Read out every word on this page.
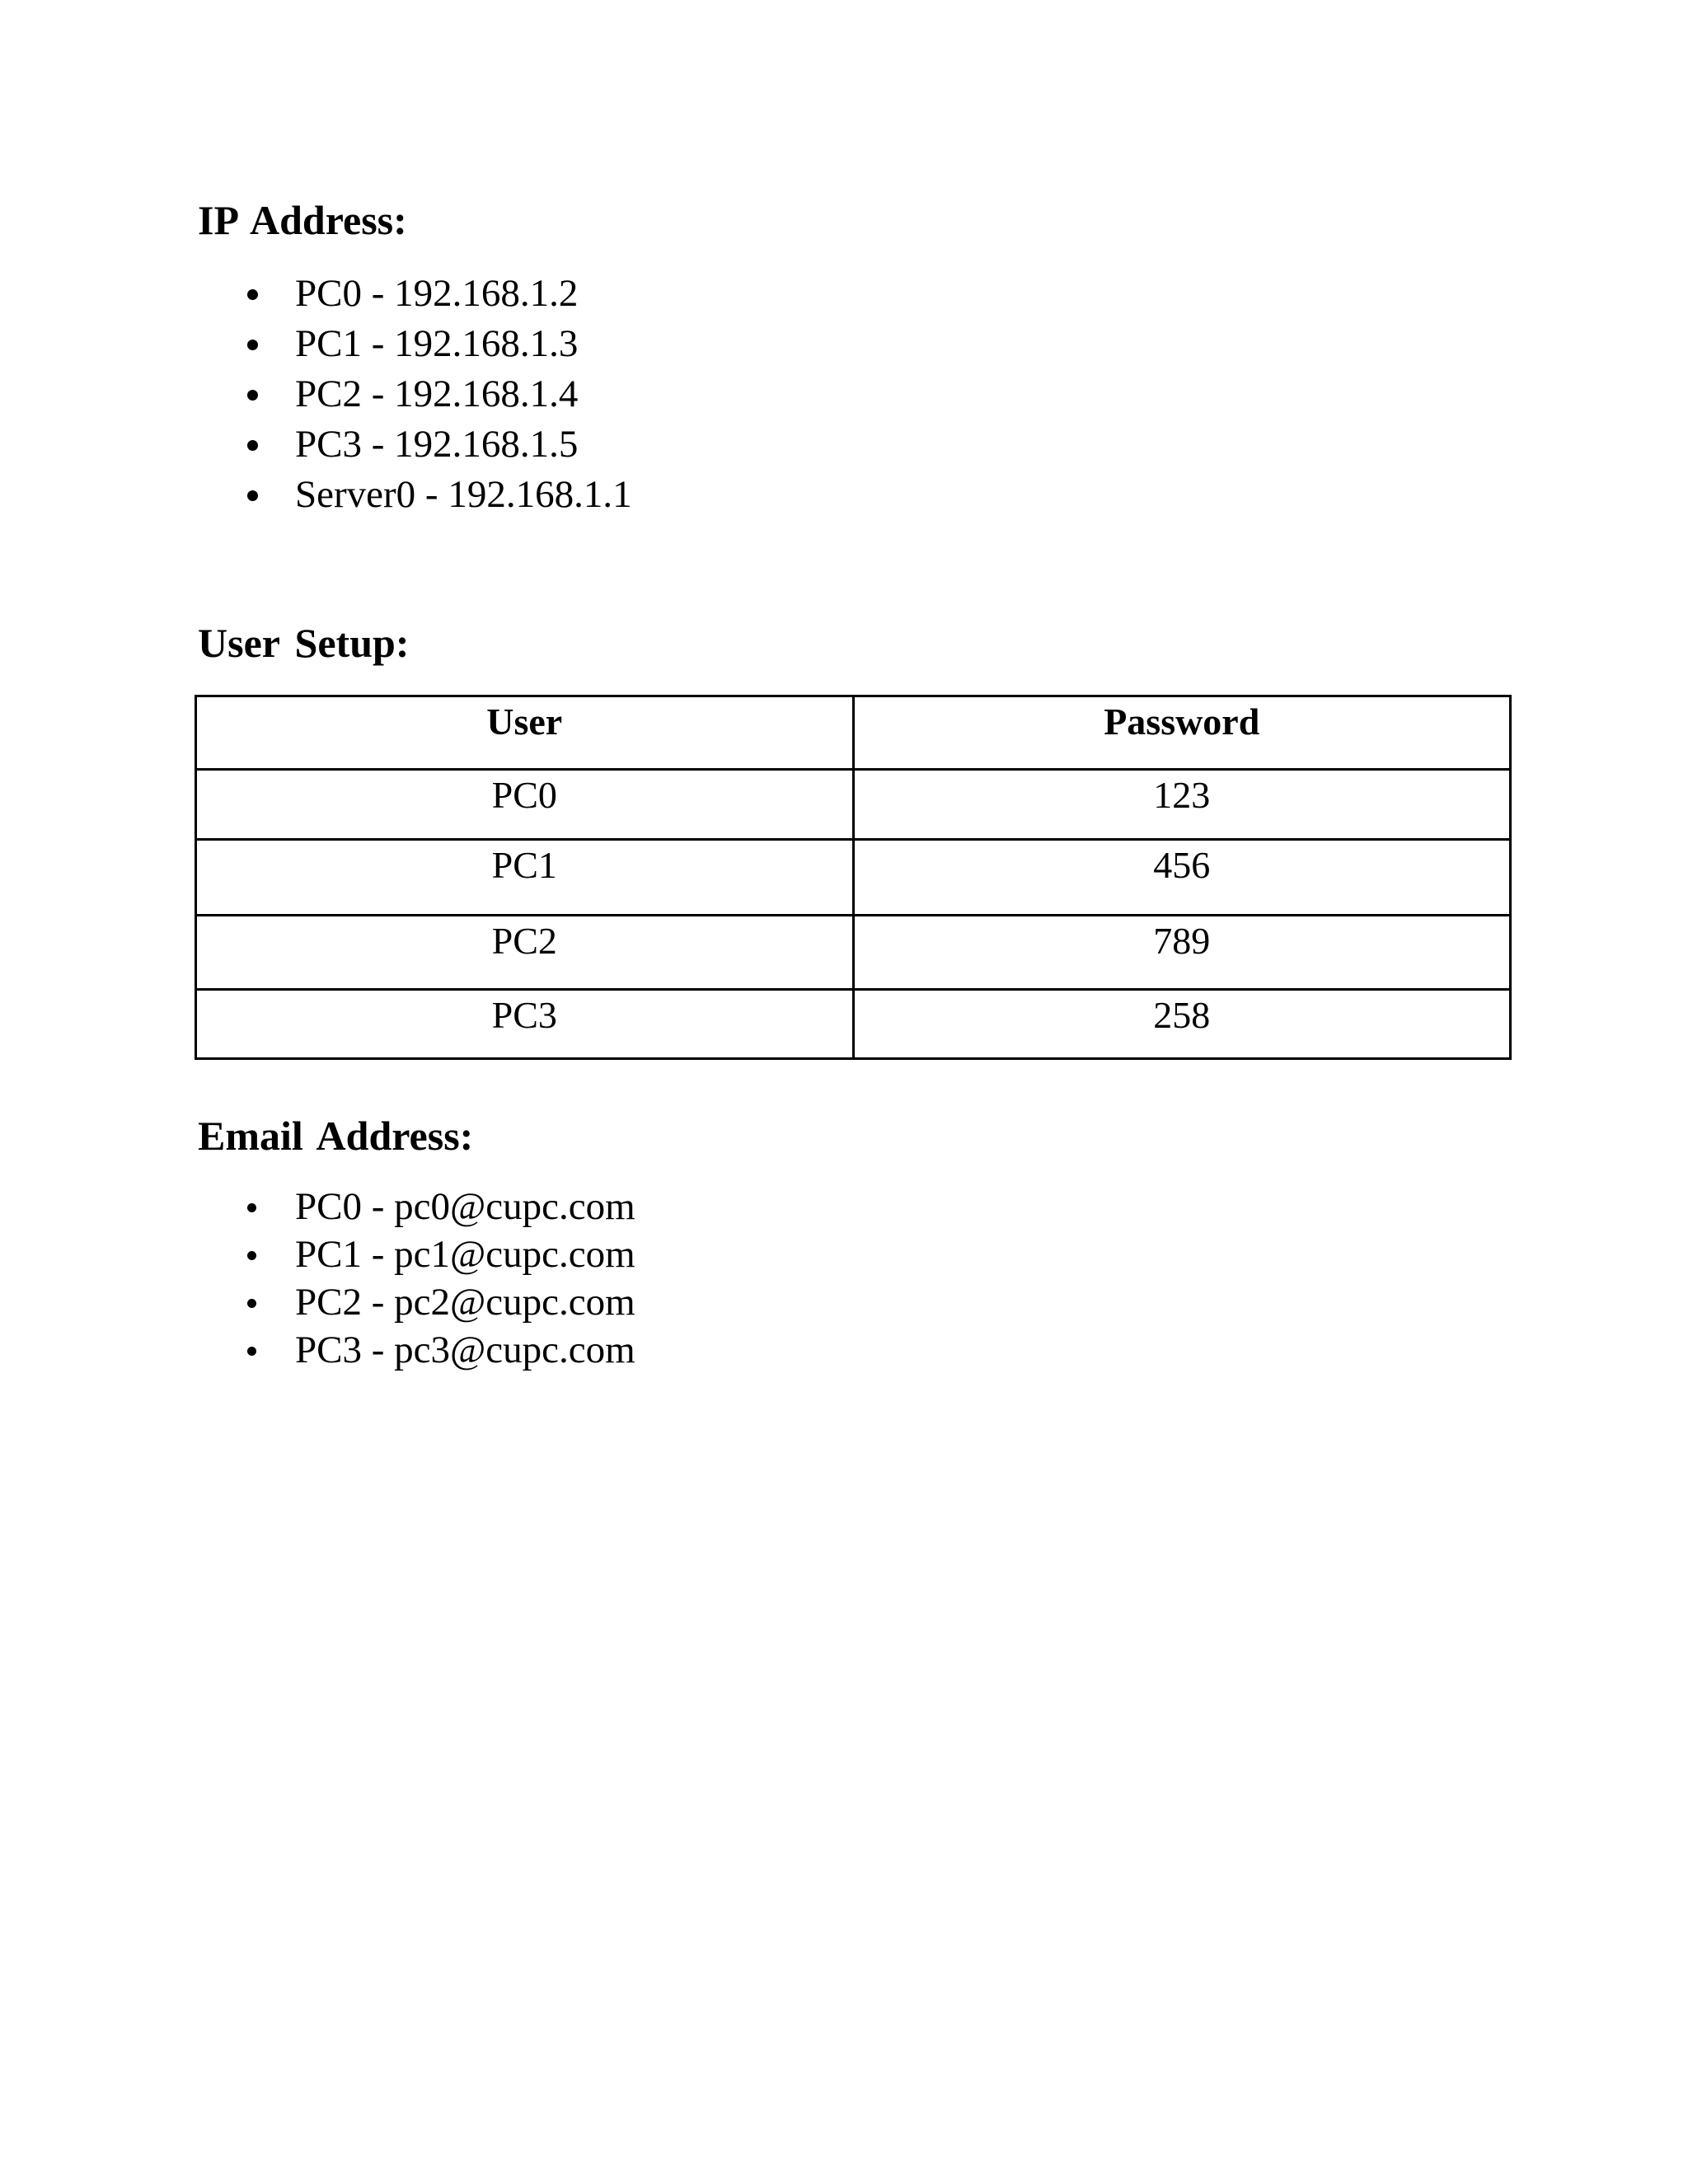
IP Address:
PC0 - 192.168.1.2
PC1 - 192.168.1.3
PC2 - 192.168.1.4
PC3 - 192.168.1.5
Server0 - 192.168.1.1
User Setup:
User	Password
PC0	123
PC1	456
PC2	789
PC3	258
Email Address:
PC0 - pc0@cupc.com
PC1 - pc1@cupc.com
PC2 - pc2@cupc.com
PC3 - pc3@cupc.com
